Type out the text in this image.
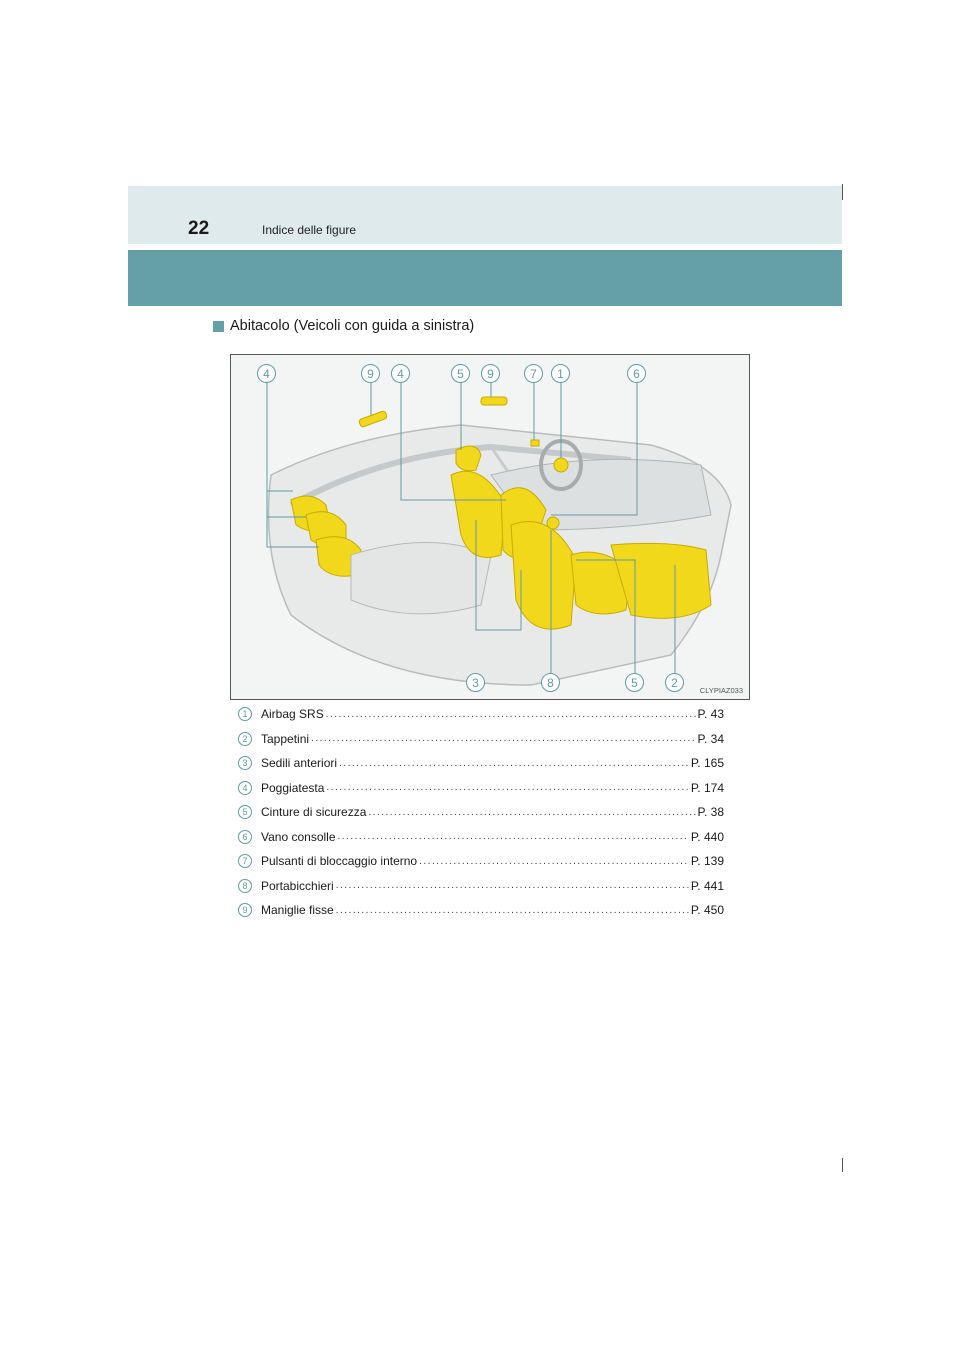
22	Indice delle figure
Abitacolo (Veicoli con guida a sinistra)
4	9	4	5	9	7	1	6
3	8	5	2
CLYPIAZ033
1	Airbag SRS .....	P. 43
2	Tappetini .....	P. 34
3	Sedili anteriori .....	P. 165
4	Poggiatesta .....	P. 174
5	Cinture di sicurezza .....	P. 38
6	Vano consolle .....	P. 440
7	Pulsanti di bloccaggio interno .....	P. 139
8	Portabicchieri .....	P. 441
9	Maniglie fisse .....	P. 450
